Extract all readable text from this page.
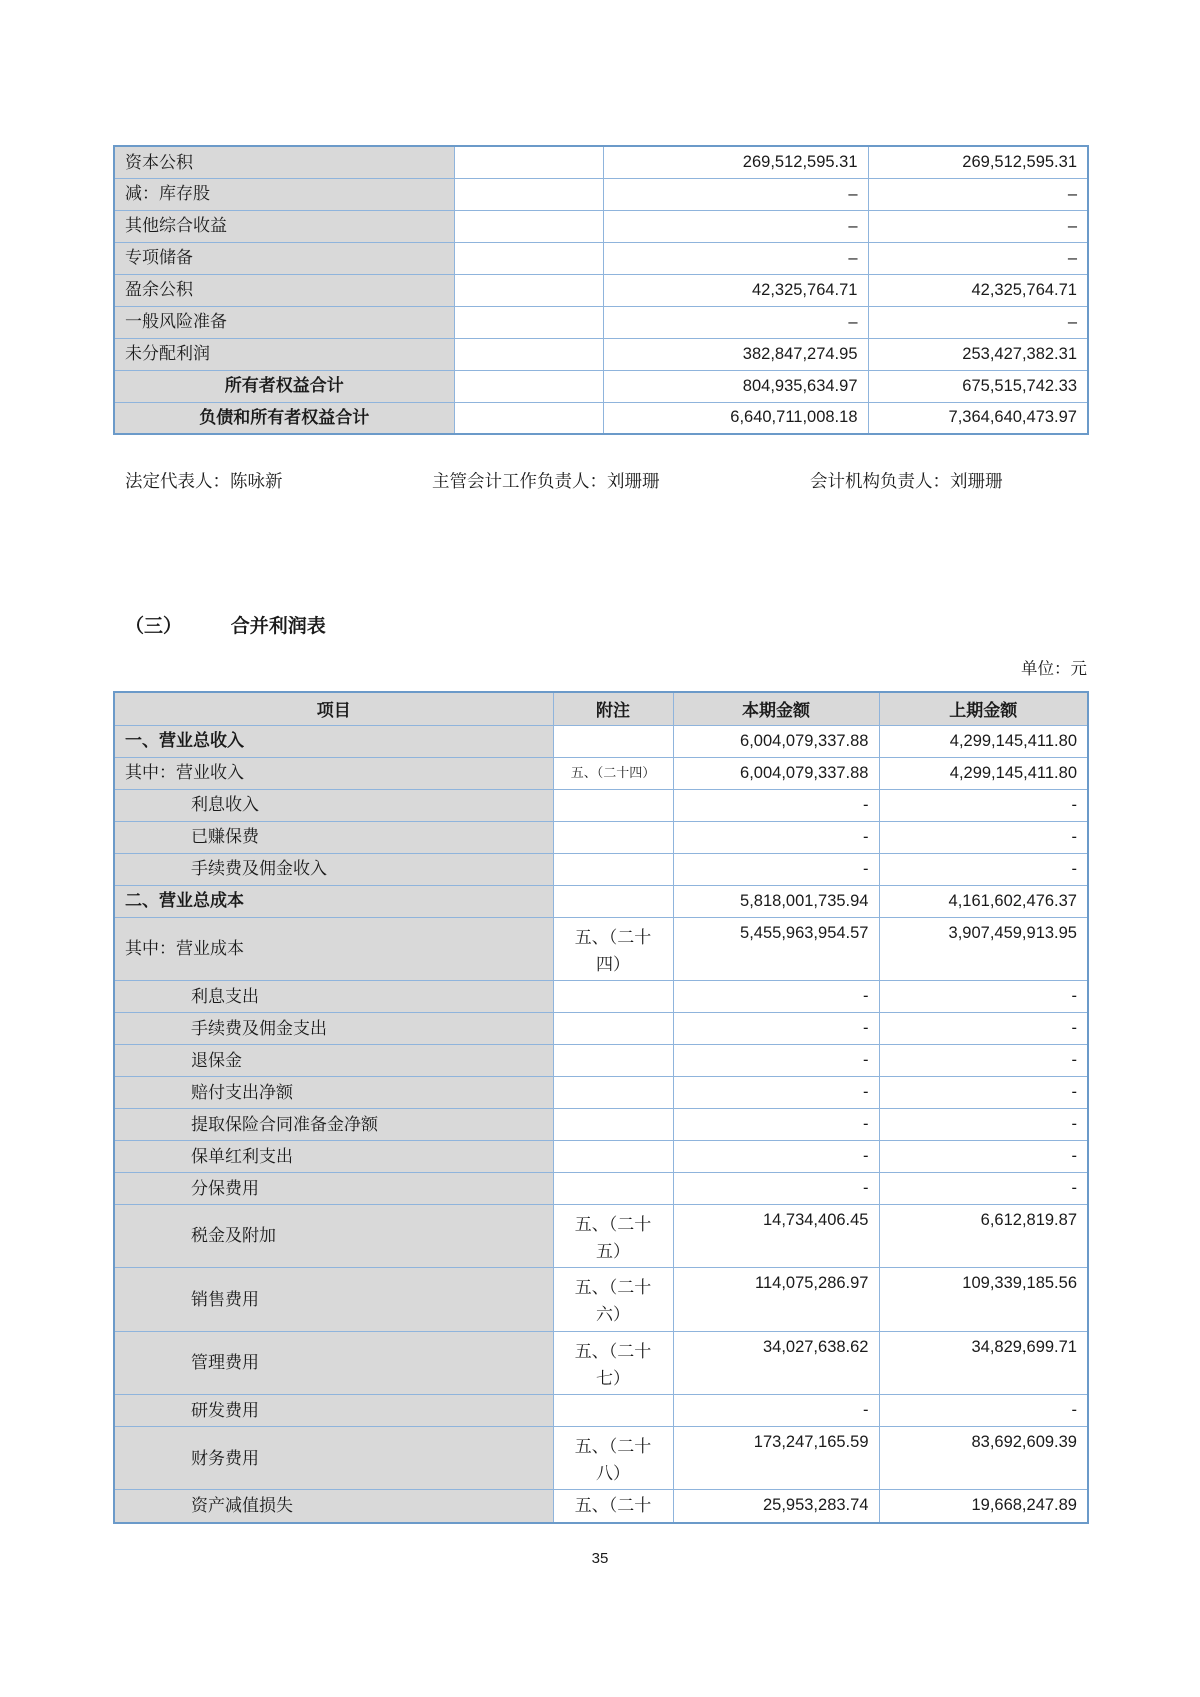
资本公积		269,512,595.31	269,512,595.31
减：库存股		–	–
其他综合收益		–	–
专项储备		–	–
盈余公积		42,325,764.71	42,325,764.71
一般风险准备		–	–
未分配利润		382,847,274.95	253,427,382.31
所有者权益合计		804,935,634.97	675,515,742.33
负债和所有者权益合计		6,640,711,008.18	7,364,640,473.97
法定代表人：陈咏新	主管会计工作负责人：刘珊珊	会计机构负责人：刘珊珊
（三）	合并利润表
单位：元
项目	附注	本期金额	上期金额
一、营业总收入		6,004,079,337.88	4,299,145,411.80
其中：营业收入	五、（二十四）	6,004,079,337.88	4,299,145,411.80
利息收入		-	-
已赚保费		-	-
手续费及佣金收入		-	-
二、营业总成本		5,818,001,735.94	4,161,602,476.37
其中：营业成本	五、（二十四）	5,455,963,954.57	3,907,459,913.95
利息支出		-	-
手续费及佣金支出		-	-
退保金		-	-
赔付支出净额		-	-
提取保险合同准备金净额		-	-
保单红利支出		-	-
分保费用		-	-
税金及附加	五、（二十五）	14,734,406.45	6,612,819.87
销售费用	五、（二十六）	114,075,286.97	109,339,185.56
管理费用	五、（二十七）	34,027,638.62	34,829,699.71
研发费用		-	-
财务费用	五、（二十八）	173,247,165.59	83,692,609.39
资产减值损失	五、（二十	25,953,283.74	19,668,247.89
35
